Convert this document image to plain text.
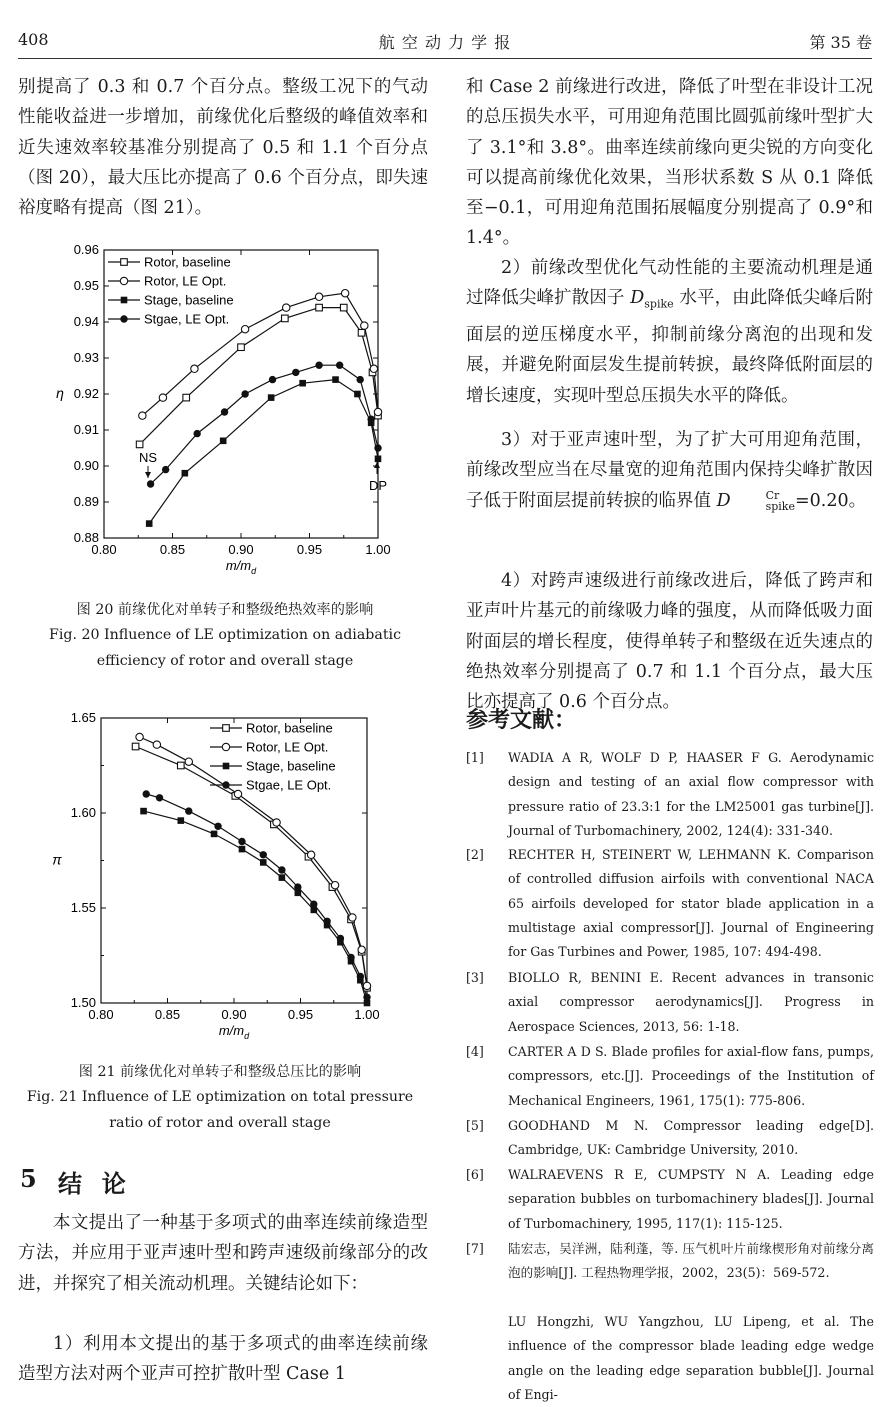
408	航 空 动 力 学 报	第 35 卷
别提高了 0.3 和 0.7 个百分点。整级工况下的气动性能收益进一步增加，前缘优化后整级的峰值效率和近失速效率较基准分别提高了 0.5 和 1.1 个百分点（图 20），最大压比亦提高了 0.6 个百分点，即失速裕度略有提高（图 21）。
0.80	0.85	0.90	0.95	1.00
0.88
0.89
0.90
0.91
0.92
0.93
0.94
0.95
0.96
$m/m_d$
η
Rotor, baseline
Rotor, LE Opt.
Stage, baseline
Stgae, LE Opt.
NS
DP
图 20 前缘优化对单转子和整级绝热效率的影响
Fig. 20 Influence of LE optimization on adiabatic
efficiency of rotor and overall stage
0.80	0.85	0.90	0.95	1.00
1.50
1.55
1.60
1.65
$m/m_d$
π
Rotor, baseline
Rotor, LE Opt.
Stage, baseline
Stgae, LE Opt.
图 21 前缘优化对单转子和整级总压比的影响
Fig. 21 Influence of LE optimization on total pressure
ratio of rotor and overall stage
5 结  论
本文提出了一种基于多项式的曲率连续前缘造型方法，并应用于亚声速叶型和跨声速级前缘部分的改进，并探究了相关流动机理。关键结论如下：
1）利用本文提出的基于多项式的曲率连续前缘造型方法对两个亚声可控扩散叶型 Case 1
和 Case 2 前缘进行改进，降低了叶型在非设计工况的总压损失水平，可用迎角范围比圆弧前缘叶型扩大了 3.1°和 3.8°。曲率连续前缘向更尖锐的方向变化可以提高前缘优化效果，当形状系数 S 从 0.1 降低至−0.1，可用迎角范围拓展幅度分别提高了 0.9°和 1.4°。
2）前缘改型优化气动性能的主要流动机理是通过降低尖峰扩散因子 $D_{spike}$ 水平，由此降低尖峰后附面层的逆压梯度水平，抑制前缘分离泡的出现和发展，并避免附面层发生提前转捩，最终降低附面层的增长速度，实现叶型总压损失水平的降低。
3）对于亚声速叶型，为了扩大可用迎角范围，前缘改型应当在尽量宽的迎角范围内保持尖峰扩散因子低于附面层提前转捩的临界值 D	Cr
spike =0.20。
4）对跨声速级进行前缘改进后，降低了跨声和亚声叶片基元的前缘吸力峰的强度，从而降低吸力面附面层的增长程度，使得单转子和整级在近失速点的绝热效率分别提高了 0.7 和 1.1 个百分点，最大压比亦提高了 0.6 个百分点。
参考文献：
[1]	WADIA A R, WOLF D P, HAASER F G. Aerodynamic design and testing of an axial flow compressor with pressure ratio of 23.3:1 for the LM25001 gas turbine[J]. Journal of Turbomachinery, 2002, 124(4): 331-340.
[2]	RECHTER H, STEINERT W, LEHMANN K. Comparison of controlled diffusion airfoils with conventional NACA 65 airfoils developed for stator blade application in a multistage axial compressor[J]. Journal of Engineering for Gas Turbines and Power, 1985, 107: 494-498.
[3]	BIOLLO R, BENINI E. Recent advances in transonic axial compressor aerodynamics[J]. Progress in Aerospace Sciences, 2013, 56: 1-18.
[4]	CARTER A D S. Blade profiles for axial-flow fans, pumps, compressors, etc.[J]. Proceedings of the Institution of Mechanical Engineers, 1961, 175(1): 775-806.
[5]	GOODHAND M N. Compressor leading edge[D]. Cambridge, UK: Cambridge University, 2010.
[6]	WALRAEVENS R E, CUMPSTY N A. Leading edge separation bubbles on turbomachinery blades[J]. Journal of Turbomachinery, 1995, 117(1): 115-125.
[7]	陆宏志，吴洋洲，陆利蓬，等. 压气机叶片前缘楔形角对前缘分离泡的影响[J]. 工程热物理学报，2002，23(5)：569-572.
LU Hongzhi, WU Yangzhou, LU Lipeng, et al. The influence of the compressor blade leading edge wedge angle on the leading edge separation bubble[J]. Journal of Engi-
